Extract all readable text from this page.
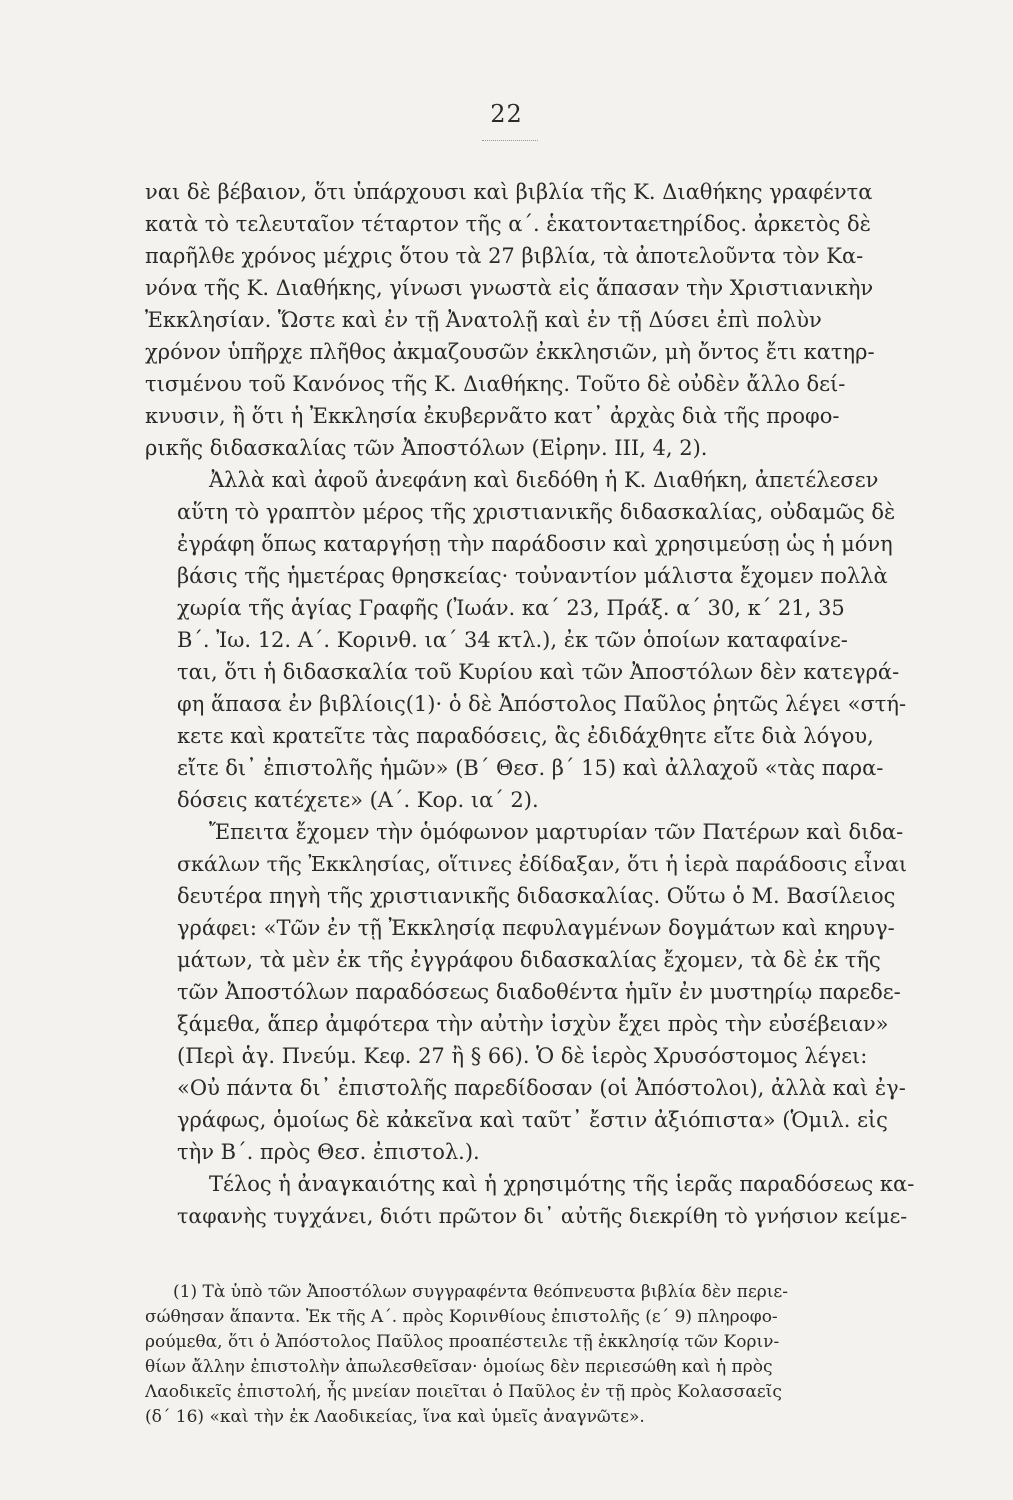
22

ναι δὲ βέβαιον, ὅτι ὑπάρχουσι καὶ βιβλία τῆς Κ. Διαθήκης γραφέντα
κατὰ τὸ τελευταῖον τέταρτον τῆς α΄. ἑκατονταετηρίδος. ἀρκετὸς δὲ
παρῆλθε χρόνος μέχρις ὅτου τὰ 27 βιβλία, τὰ ἀποτελοῦντα τὸν Κα-
νόνα τῆς Κ. Διαθήκης, γίνωσι γνωστὰ εἰς ἅπασαν τὴν Χριστιανικὴν
Ἐκκλησίαν. Ὥστε καὶ ἐν τῇ Ἀνατολῇ καὶ ἐν τῇ Δύσει ἐπὶ πολὺν
χρόνον ὑπῆρχε πλῆθος ἀκμαζουσῶν ἐκκλησιῶν, μὴ ὄντος ἔτι κατηρ-
τισμένου τοῦ Κανόνος τῆς Κ. Διαθήκης. Τοῦτο δὲ οὐδὲν ἄλλο δεί-
κνυσιν, ἢ ὅτι ἡ Ἐκκλησία ἐκυβερνᾶτο κατ᾽ ἀρχὰς διὰ τῆς προφο-
ρικῆς διδασκαλίας τῶν Ἀποστόλων (Εἰρην. ΙΙΙ, 4, 2).

Ἀλλὰ καὶ ἀφοῦ ἀνεφάνη καὶ διεδόθη ἡ Κ. Διαθήκη, ἀπετέλεσεν
αὕτη τὸ γραπτὸν μέρος τῆς χριστιανικῆς διδασκαλίας, οὐδαμῶς δὲ
ἐγράφη ὅπως καταργήσῃ τὴν παράδοσιν καὶ χρησιμεύσῃ ὡς ἡ μόνη
βάσις τῆς ἡμετέρας θρησκείας· τοὐναντίον μάλιστα ἔχομεν πολλὰ
χωρία τῆς ἁγίας Γραφῆς (Ἰωάν. κα΄ 23, Πράξ. α΄ 30, κ΄ 21, 35
Β΄. Ἰω. 12. Α΄. Κορινθ. ια΄ 34 κτλ.), ἐκ τῶν ὁποίων καταφαίνε-
ται, ὅτι ἡ διδασκαλία τοῦ Κυρίου καὶ τῶν Ἀποστόλων δὲν κατεγρά-
φη ἅπασα ἐν βιβλίοις(1)· ὁ δὲ Ἀπόστολος Παῦλος ῥητῶς λέγει «στή-
κετε καὶ κρατεῖτε τὰς παραδόσεις, ἃς ἐδιδάχθητε εἴτε διὰ λόγου,
εἴτε δι᾽ ἐπιστολῆς ἡμῶν» (Β΄ Θεσ. β΄ 15) καὶ ἀλλαχοῦ «τὰς παρα-
δόσεις κατέχετε» (Α΄. Κορ. ια΄ 2).

Ἔπειτα ἔχομεν τὴν ὁμόφωνον μαρτυρίαν τῶν Πατέρων καὶ διδα-
σκάλων τῆς Ἐκκλησίας, οἵτινες ἐδίδαξαν, ὅτι ἡ ἱερὰ παράδοσις εἶναι
δευτέρα πηγὴ τῆς χριστιανικῆς διδασκαλίας. Οὕτω ὁ Μ. Βασίλειος
γράφει: «Τῶν ἐν τῇ Ἐκκλησίᾳ πεφυλαγμένων δογμάτων καὶ κηρυγ-
μάτων, τὰ μὲν ἐκ τῆς ἐγγράφου διδασκαλίας ἔχομεν, τὰ δὲ ἐκ τῆς
τῶν Ἀποστόλων παραδόσεως διαδοθέντα ἡμῖν ἐν μυστηρίῳ παρεδε-
ξάμεθα, ἅπερ ἀμφότερα τὴν αὐτὴν ἰσχὺν ἔχει πρὸς τὴν εὐσέβειαν»
(Περὶ ἁγ. Πνεύμ. Κεφ. 27 ἢ § 66). Ὁ δὲ ἱερὸς Χρυσόστομος λέγει:
«Οὐ πάντα δι᾽ ἐπιστολῆς παρεδίδοσαν (οἱ Ἀπόστολοι), ἀλλὰ καὶ ἐγ-
γράφως, ὁμοίως δὲ κἀκεῖνα καὶ ταῦτ᾽ ἔστιν ἀξιόπιστα» (Ὁμιλ. εἰς
τὴν Β΄. πρὸς Θεσ. ἐπιστολ.).

Τέλος ἡ ἀναγκαιότης καὶ ἡ χρησιμότης τῆς ἱερᾶς παραδόσεως κα-
ταφανὴς τυγχάνει, διότι πρῶτον δι᾽ αὐτῆς διεκρίθη τὸ γνήσιον κείμε-

(1) Τὰ ὑπὸ τῶν Ἀποστόλων συγγραφέντα θεόπνευστα βιβλία δὲν περιε-
σώθησαν ἅπαντα. Ἐκ τῆς Α΄. πρὸς Κορινθίους ἐπιστολῆς (ε΄ 9) πληροφο-
ρούμεθα, ὅτι ὁ Ἀπόστολος Παῦλος προαπέστειλε τῇ ἐκκλησίᾳ τῶν Κοριν-
θίων ἄλλην ἐπιστολὴν ἀπωλεσθεῖσαν· ὁμοίως δὲν περιεσώθη καὶ ἡ πρὸς
Λαοδικεῖς ἐπιστολή, ἧς μνείαν ποιεῖται ὁ Παῦλος ἐν τῇ πρὸς Κολασσαεῖς
(δ΄ 16) «καὶ τὴν ἐκ Λαοδικείας, ἵνα καὶ ὑμεῖς ἀναγνῶτε».
